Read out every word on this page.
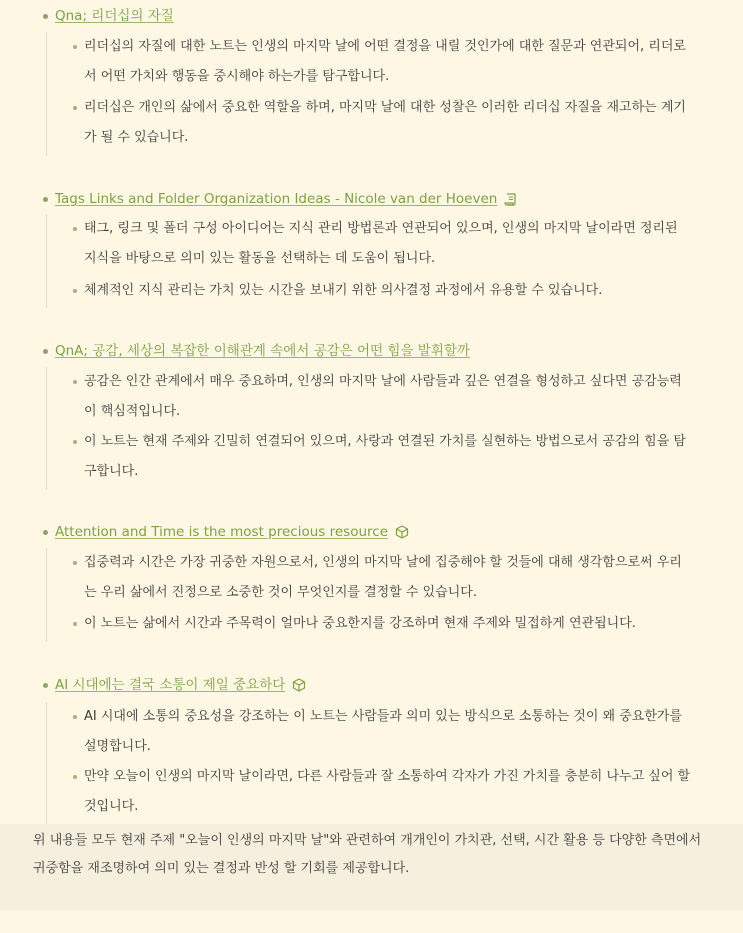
Qna; 리더십의 자질
리더십의 자질에 대한 노트는 인생의 마지막 날에 어떤 결정을 내릴 것인가에 대한 질문과 연관되어, 리더로서 어떤 가치와 행동을 중시해야 하는가를 탐구합니다.
리더십은 개인의 삶에서 중요한 역할을 하며, 마지막 날에 대한 성찰은 이러한 리더십 자질을 재고하는 계기가 될 수 있습니다.
Tags Links and Folder Organization Ideas - Nicole van der Hoeven
태그, 링크 및 폴더 구성 아이디어는 지식 관리 방법론과 연관되어 있으며, 인생의 마지막 날이라면 정리된 지식을 바탕으로 의미 있는 활동을 선택하는 데 도움이 됩니다.
체계적인 지식 관리는 가치 있는 시간을 보내기 위한 의사결정 과정에서 유용할 수 있습니다.
QnA; 공감, 세상의 복잡한 이해관계 속에서 공감은 어떤 힘을 발휘할까
공감은 인간 관계에서 매우 중요하며, 인생의 마지막 날에 사람들과 깊은 연결을 형성하고 싶다면 공감능력이 핵심적입니다.
이 노트는 현재 주제와 긴밀히 연결되어 있으며, 사랑과 연결된 가치를 실현하는 방법으로서 공감의 힘을 탐구합니다.
Attention and Time is the most precious resource
집중력과 시간은 가장 귀중한 자원으로서, 인생의 마지막 날에 집중해야 할 것들에 대해 생각함으로써 우리는 우리 삶에서 진정으로 소중한 것이 무엇인지를 결정할 수 있습니다.
이 노트는 삶에서 시간과 주목력이 얼마나 중요한지를 강조하며 현재 주제와 밀접하게 연관됩니다.
AI 시대에는 결국 소통이 제일 중요하다
AI 시대에 소통의 중요성을 강조하는 이 노트는 사람들과 의미 있는 방식으로 소통하는 것이 왜 중요한가를 설명합니다.
만약 오늘이 인생의 마지막 날이라면, 다른 사람들과 잘 소통하여 각자가 가진 가치를 충분히 나누고 싶어 할 것입니다.
위 내용들 모두 현재 주제 "오늘이 인생의 마지막 날"와 관련하여 개개인이 가치관, 선택, 시간 활용 등 다양한 측면에서 귀중함을 재조명하여 의미 있는 결정과 반성 할 기회를 제공합니다.
